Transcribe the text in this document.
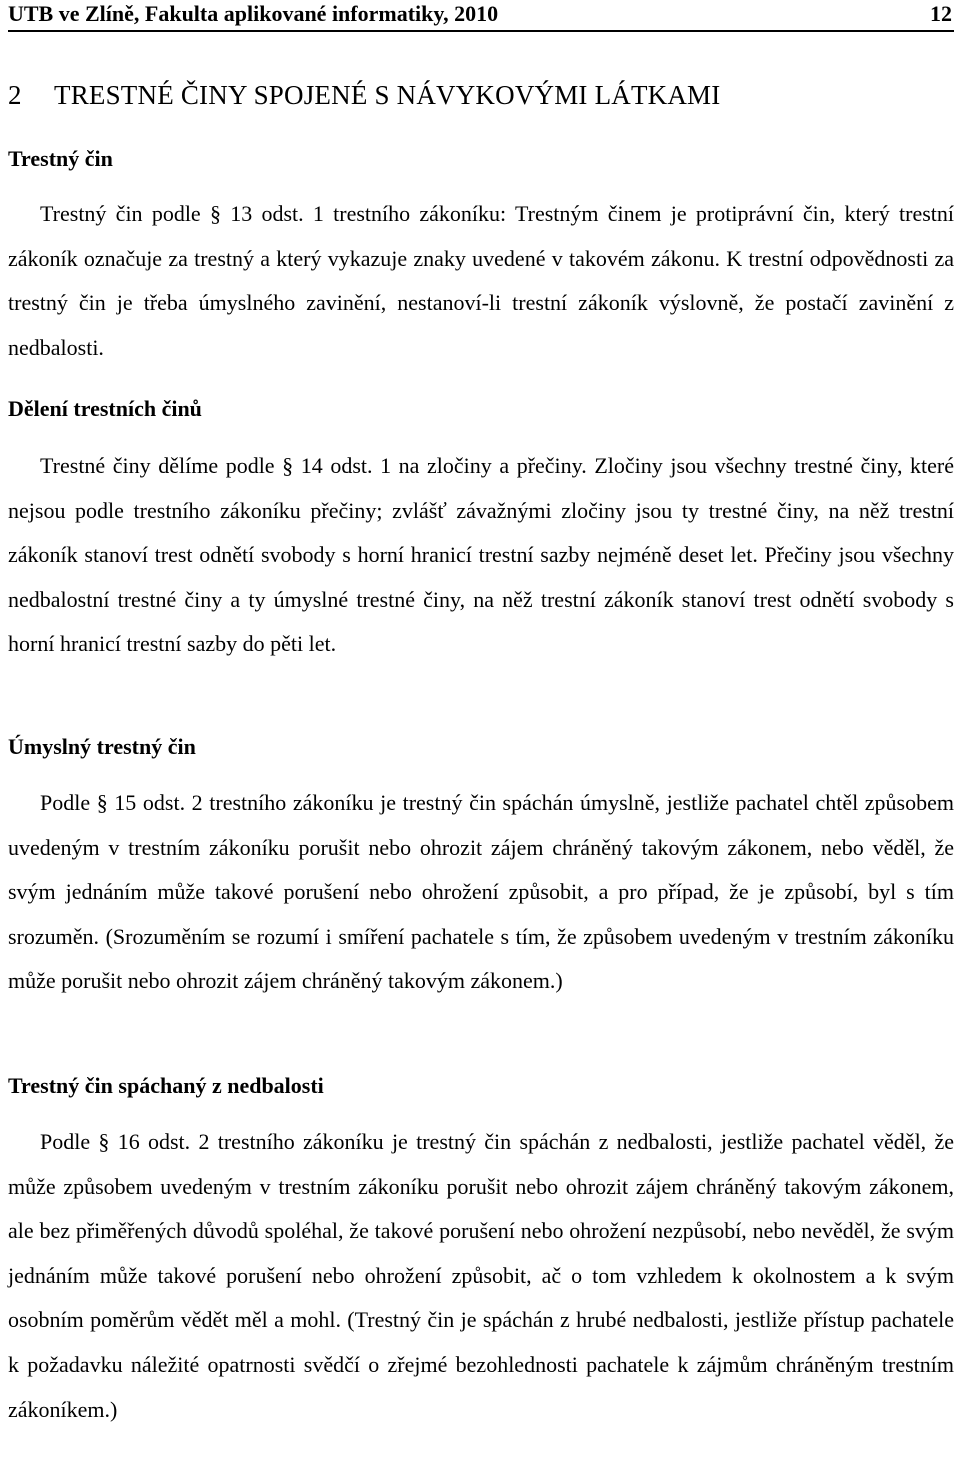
UTB ve Zlíně, Fakulta aplikované informatiky, 2010	12
2 TRESTNÉ ČINY SPOJENÉ S NÁVYKOVÝMI LÁTKAMI
Trestný čin

Trestný čin podle § 13 odst. 1 trestního zákoníku: Trestným činem je protiprávní čin, který trestní zákoník označuje za trestný a který vykazuje znaky uvedené v takovém zákonu. K trestní odpovědnosti za trestný čin je třeba úmyslného zavinění, nestanoví-li trestní zákoník výslovně, že postačí zavinění z nedbalosti.

Dělení trestních činů

Trestné činy dělíme podle § 14 odst. 1 na zločiny a přečiny. Zločiny jsou všechny trestné činy, které nejsou podle trestního zákoníku přečiny; zvlášť závažnými zločiny jsou ty trestné činy, na něž trestní zákoník stanoví trest odnětí svobody s horní hranicí trestní sazby nejméně deset let. Přečiny jsou všechny nedbalostní trestné činy a ty úmyslné trestné činy, na něž trestní zákoník stanoví trest odnětí svobody s horní hranicí trestní sazby do pěti let.

Úmyslný trestný čin

Podle § 15 odst. 2 trestního zákoníku je trestný čin spáchán úmyslně, jestliže pachatel chtěl způsobem uvedeným v trestním zákoníku porušit nebo ohrozit zájem chráněný takovým zákonem, nebo věděl, že svým jednáním může takové porušení nebo ohrožení způsobit, a pro případ, že je způsobí, byl s tím srozuměn. (Srozuměním se rozumí i smíření pachatele s tím, že způsobem uvedeným v trestním zákoníku může porušit nebo ohrozit zájem chráněný takovým zákonem.)

Trestný čin spáchaný z nedbalosti

Podle § 16 odst. 2 trestního zákoníku je trestný čin spáchán z nedbalosti, jestliže pachatel věděl, že může způsobem uvedeným v trestním zákoníku porušit nebo ohrozit zájem chráněný takovým zákonem, ale bez přiměřených důvodů spoléhal, že takové porušení nebo ohrožení nezpůsobí, nebo nevěděl, že svým jednáním může takové porušení nebo ohrožení způsobit, ač o tom vzhledem k okolnostem a k svým osobním poměrům vědět měl a mohl. (Trestný čin je spáchán z hrubé nedbalosti, jestliže přístup pachatele k požadavku náležité opatrnosti svědčí o zřejmé bezohlednosti pachatele k zájmům chráněným trestním zákoníkem.)
